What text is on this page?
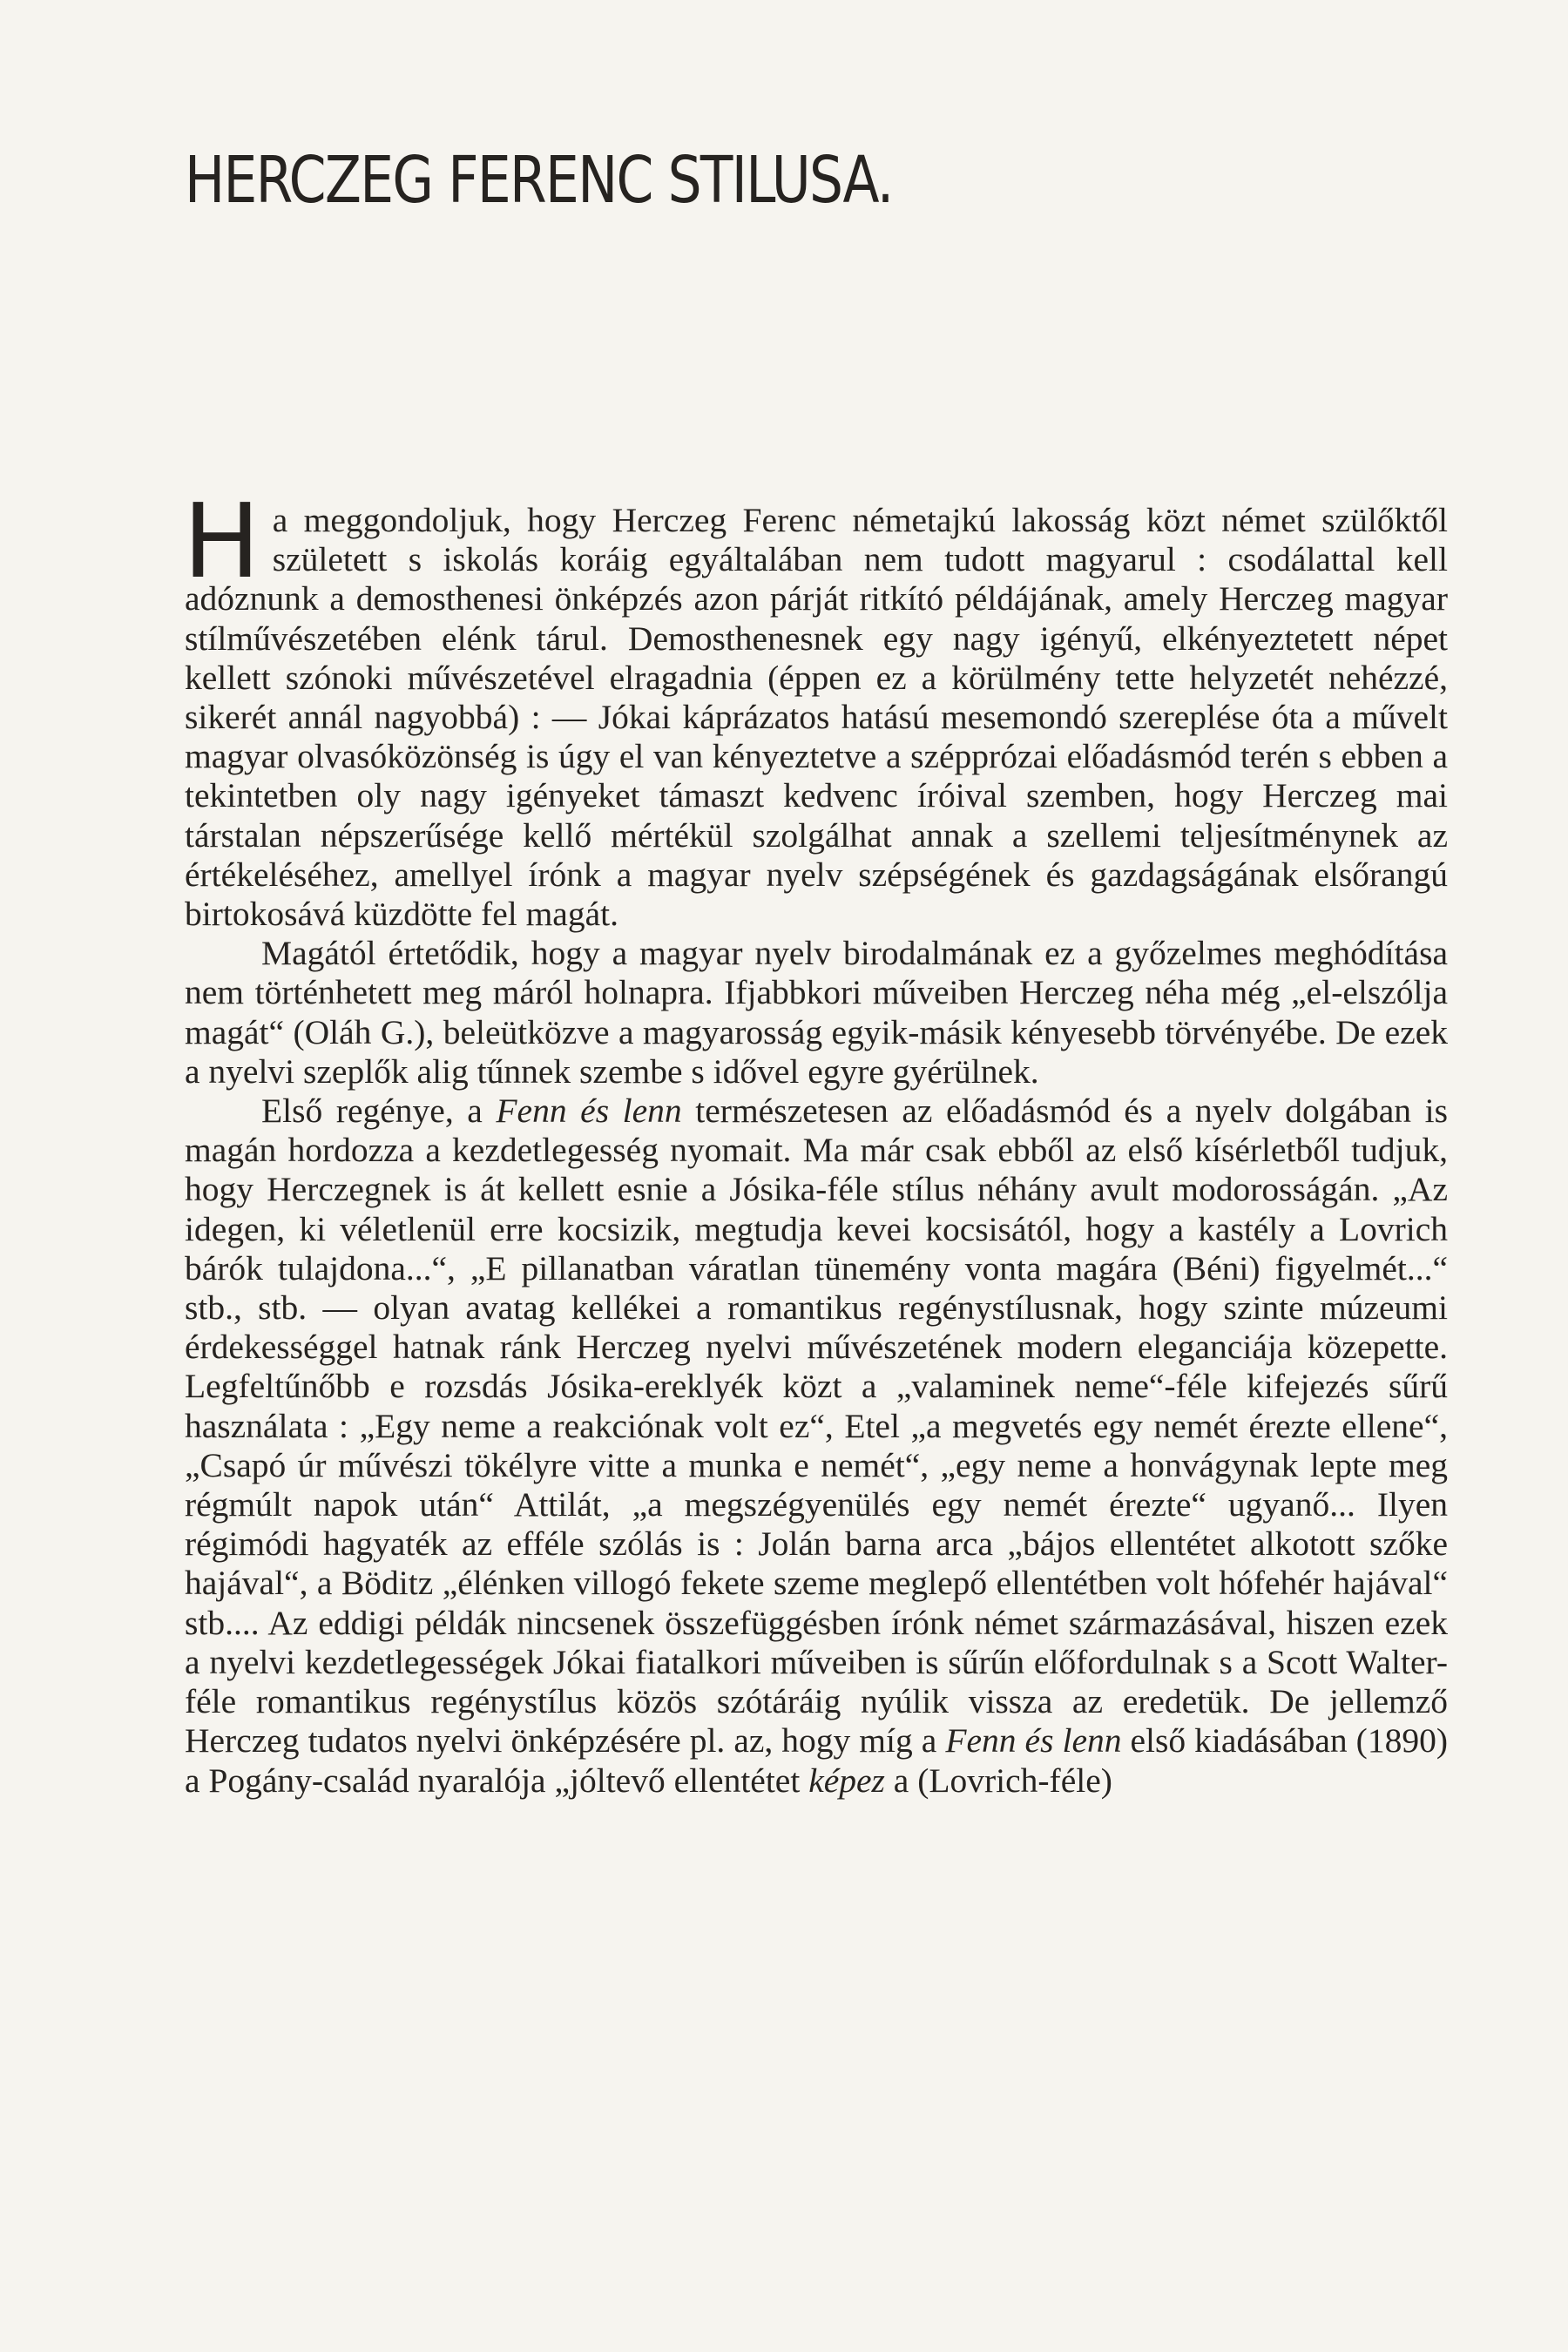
HERCZEG FERENC STILUSA.

Ha meggondoljuk, hogy Herczeg Ferenc németajkú lakosság közt német szülőktől született s iskolás koráig egyáltalában nem tudott magyarul : csodálattal kell adóznunk a demosthenesi önképzés azon párját ritkító példájának, amely Herczeg magyar stílművészetében elénk tárul. Demosthenesnek egy nagy igényű, elkényeztetett népet kellett szónoki művészetével elragadnia (éppen ez a körülmény tette helyzetét nehézzé, sikerét annál nagyobbá) : — Jókai káprázatos hatású mesemondó szereplése óta a művelt magyar olvasóközönség is úgy el van kényeztetve a szépprózai előadásmód terén s ebben a tekintetben oly nagy igényeket támaszt kedvenc íróival szemben, hogy Herczeg mai társtalan népszerűsége kellő mértékül szolgálhat annak a szellemi teljesítménynek az értékeléséhez, amellyel írónk a magyar nyelv szépségének és gazdagságának elsőrangú birtokosává küzdötte fel magát.

Magától értetődik, hogy a magyar nyelv birodalmának ez a győzelmes meghódítása nem történhetett meg máról holnapra. Ifjabbkori műveiben Herczeg néha még „el-elszólja magát“ (Oláh G.), beleütközve a magyarosság egyik-másik kényesebb törvényébe. De ezek a nyelvi szeplők alig tűnnek szembe s idővel egyre gyérülnek.

Első regénye, a Fenn és lenn természetesen az előadásmód és a nyelv dolgában is magán hordozza a kezdetlegesség nyomait. Ma már csak ebből az első kísérletből tudjuk, hogy Herczegnek is át kellett esnie a Jósika-féle stílus néhány avult modorosságán. „Az idegen, ki véletlenül erre kocsizik, megtudja kevei kocsisától, hogy a kastély a Lovrich bárók tulajdona...“, „E pillanatban váratlan tünemény vonta magára (Béni) figyelmét...“ stb., stb. — olyan avatag kellékei a romantikus regénystílusnak, hogy szinte múzeumi érdekességgel hatnak ránk Herczeg nyelvi művészetének modern eleganciája közepette. Legfeltűnőbb e rozsdás Jósika-ereklyék közt a „valaminek neme“-féle kifejezés sűrű használata : „Egy neme a reakciónak volt ez“, Etel „a megvetés egy nemét érezte ellene“, „Csapó úr művészi tökélyre vitte a munka e nemét“, „egy neme a honvágynak lepte meg régmúlt napok után“ Attilát, „a megszégyenülés egy nemét érezte“ ugyanő... Ilyen régimódi hagyaték az efféle szólás is : Jolán barna arca „bájos ellentétet alkotott szőke hajával“, a Böditz „élénken villogó fekete szeme meglepő ellentétben volt hófehér hajával“ stb.... Az eddigi példák nincsenek összefüggésben írónk német származásával, hiszen ezek a nyelvi kezdetlegességek Jókai fiatalkori műveiben is sűrűn előfordulnak s a Scott Walter-féle romantikus regénystílus közös szótáráig nyúlik vissza az eredetük. De jellemző Herczeg tudatos nyelvi önképzésére pl. az, hogy míg a Fenn és lenn első kiadásában (1890) a Pogány-család nyaralója „jóltevő ellentétet képez a (Lovrich-féle)
